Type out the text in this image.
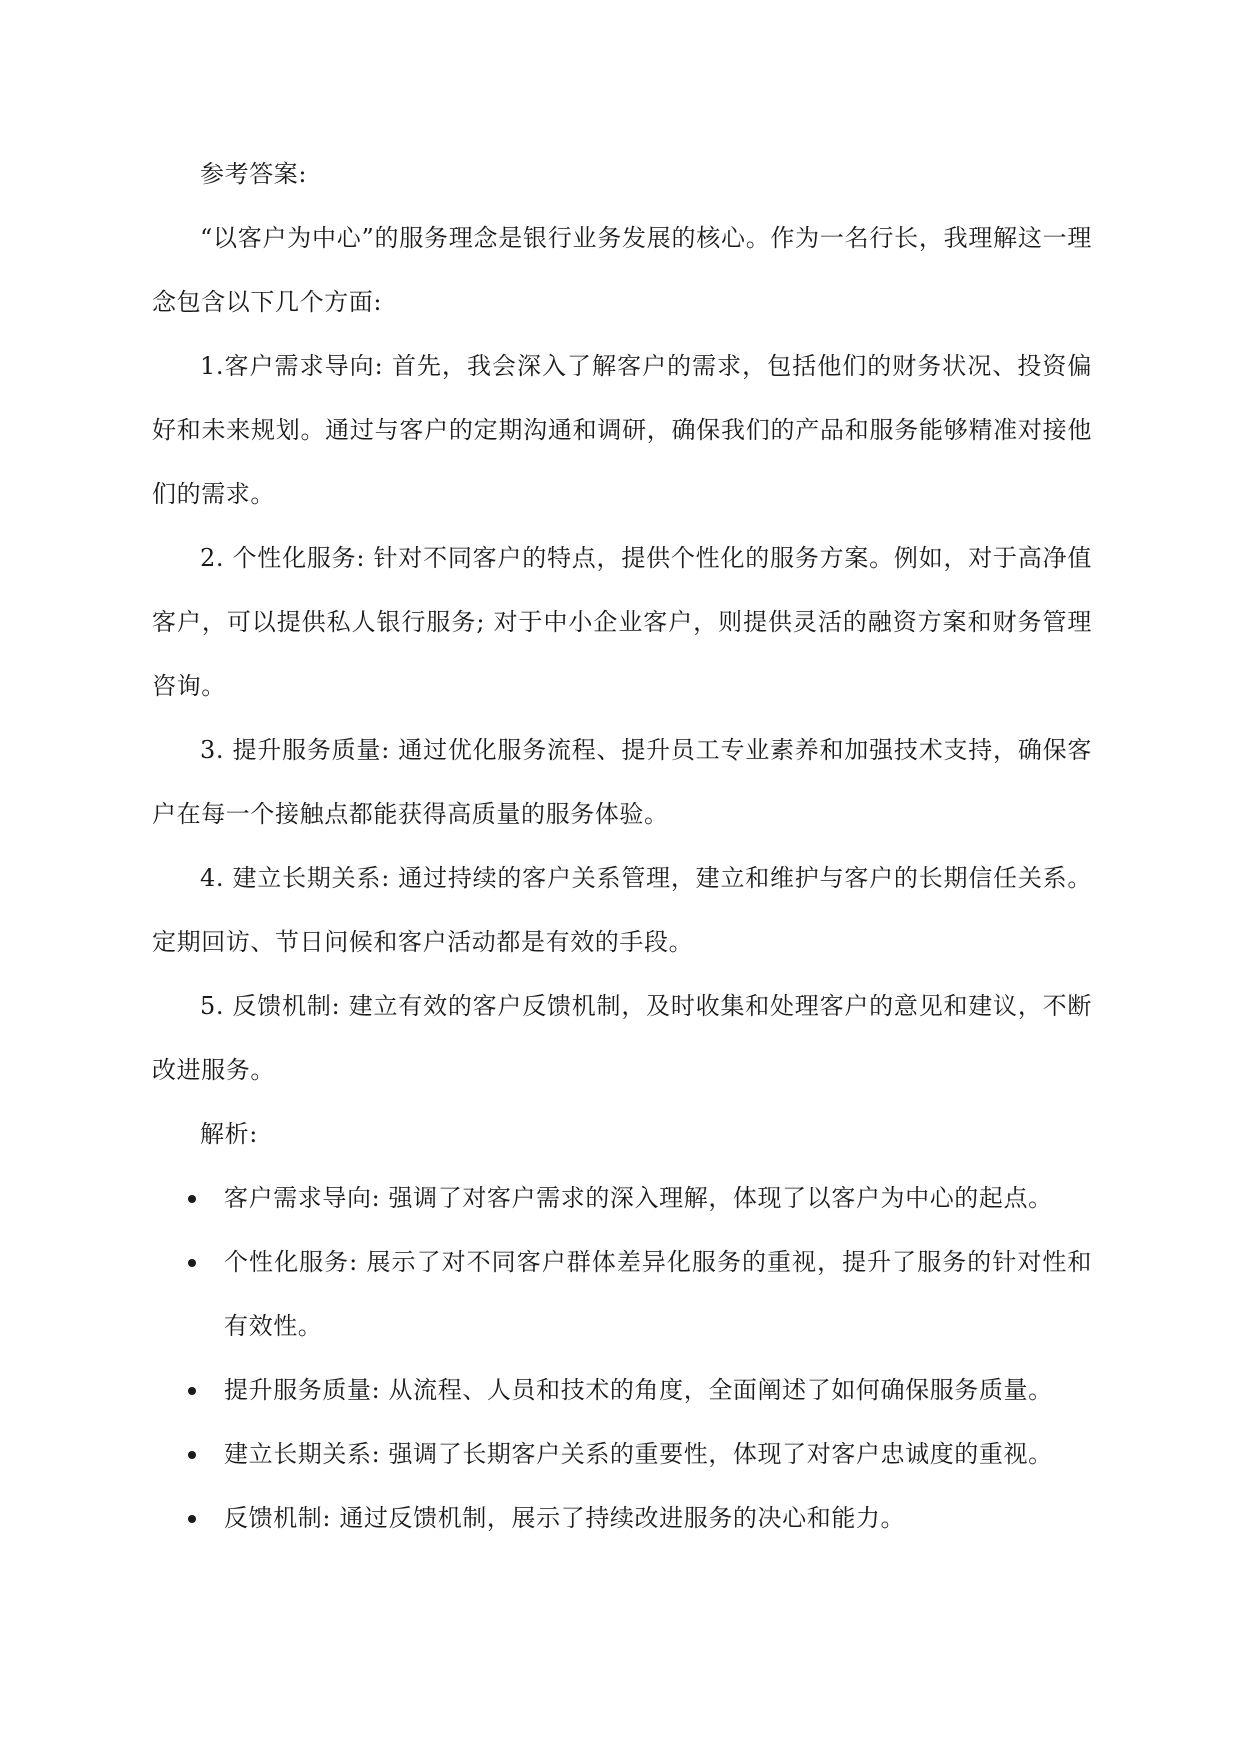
参考答案:

“以客户为中心”的服务理念是银行业务发展的核心。作为一名行长，我理解这一理念包含以下几个方面:

1.客户需求导向: 首先，我会深入了解客户的需求，包括他们的财务状况、投资偏好和未来规划。通过与客户的定期沟通和调研，确保我们的产品和服务能够精准对接他们的需求。

2. 个性化服务: 针对不同客户的特点，提供个性化的服务方案。例如，对于高净值客户，可以提供私人银行服务; 对于中小企业客户，则提供灵活的融资方案和财务管理咨询。

3. 提升服务质量: 通过优化服务流程、提升员工专业素养和加强技术支持，确保客户在每一个接触点都能获得高质量的服务体验。

4. 建立长期关系: 通过持续的客户关系管理，建立和维护与客户的长期信任关系。定期回访、节日问候和客户活动都是有效的手段。

5. 反馈机制: 建立有效的客户反馈机制，及时收集和处理客户的意见和建议，不断改进服务。

解析:

客户需求导向: 强调了对客户需求的深入理解，体现了以客户为中心的起点。
个性化服务: 展示了对不同客户群体差异化服务的重视，提升了服务的针对性和有效性。
提升服务质量: 从流程、人员和技术的角度，全面阐述了如何确保服务质量。
建立长期关系: 强调了长期客户关系的重要性，体现了对客户忠诚度的重视。
反馈机制: 通过反馈机制，展示了持续改进服务的决心和能力。
